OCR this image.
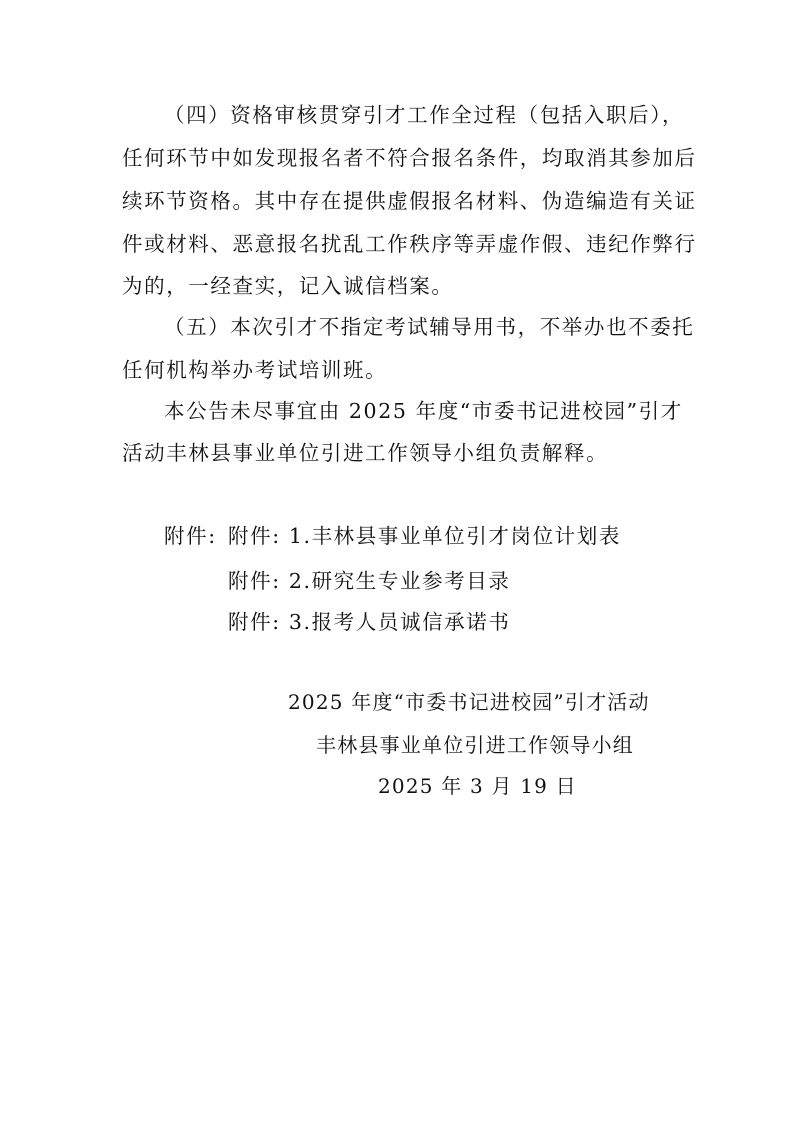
（四）资格审核贯穿引才工作全过程（包括入职后），
任何环节中如发现报名者不符合报名条件，均取消其参加后
续环节资格。其中存在提供虚假报名材料、伪造编造有关证
件或材料、恶意报名扰乱工作秩序等弄虚作假、违纪作弊行
为的，一经查实，记入诚信档案。
（五）本次引才不指定考试辅导用书，不举办也不委托
任何机构举办考试培训班。
本公告未尽事宜由 2025 年度“市委书记进校园”引才
活动丰林县事业单位引进工作领导小组负责解释。
附件: 附件: 1.丰林县事业单位引才岗位计划表
附件: 2.研究生专业参考目录
附件: 3.报考人员诚信承诺书
2025 年度“市委书记进校园”引才活动
丰林县事业单位引进工作领导小组
2025 年 3 月 19 日
